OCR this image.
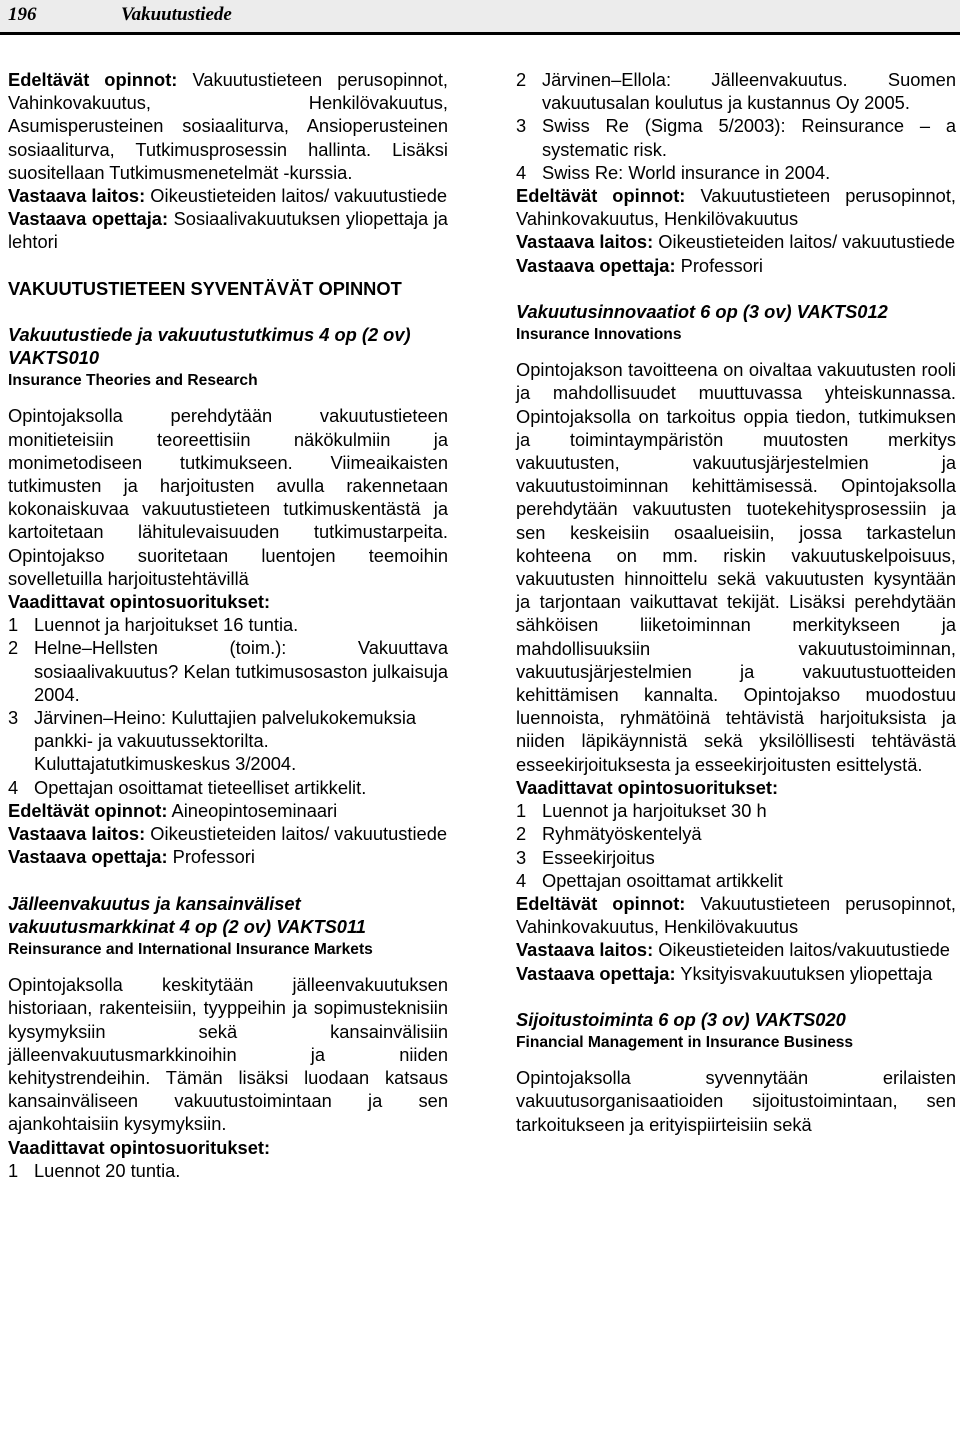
196	Vakuutustiede

Edeltävät opinnot: Vakuutustieteen perusopinnot, Vahinkovakuutus, Henkilövakuutus, Asumisperusteinen sosiaaliturva, Ansioperusteinen sosiaaliturva, Tutkimusprosessin hallinta. Lisäksi suositellaan Tutkimusmenetelmät -kurssia.

Vastaava laitos: Oikeustieteiden laitos/ vakuutustiede

Vastaava opettaja: Sosiaalivakuutuksen yliopettaja ja lehtori

VAKUUTUSTIETEEN SYVENTÄVÄT OPINNOT

Vakuutustiede ja vakuutustutkimus 4 op (2 ov) VAKTS010

Insurance Theories and Research

Opintojaksolla perehdytään vakuutustieteen monitieteisiin teoreettisiin näkökulmiin ja monimetodiseen tutkimukseen. Viimeaikaisten tutkimusten ja harjoitusten avulla rakennetaan kokonaiskuvaa vakuutustieteen tutkimuskentästä ja kartoitetaan lähitulevaisuuden tutkimustarpeita. Opintojakso suoritetaan luentojen teemoihin sovelletuilla harjoitustehtävillä

Vaadittavat opintosuoritukset:

1 Luennot ja harjoitukset 16 tuntia.
2 Helne–Hellsten (toim.): Vakuuttava sosiaalivakuutus? Kelan tutkimusosaston julkaisuja 2004.
3 Järvinen–Heino: Kuluttajien palvelukokemuksia pankki- ja vakuutussektorilta. Kuluttajatutkimuskeskus 3/2004.
4 Opettajan osoittamat tieteelliset artikkelit.

Edeltävät opinnot: Aineopintoseminaari

Vastaava laitos: Oikeustieteiden laitos/ vakuutustiede

Vastaava opettaja: Professori

Jälleenvakuutus ja kansainväliset vakuutusmarkkinat 4 op (2 ov) VAKTS011

Reinsurance and International Insurance Markets

Opintojaksolla keskitytään jälleenvakuutuksen historiaan, rakenteisiin, tyyppeihin ja sopimusteknisiin kysymyksiin sekä kansainvälisiin jälleenvakuutusmarkkinoihin ja niiden kehitystrendeihin. Tämän lisäksi luodaan katsaus kansainväliseen vakuutustoimintaan ja sen ajankohtaisiin kysymyksiin.

Vaadittavat opintosuoritukset:

1 Luennot 20 tuntia.
2 Järvinen–Ellola: Jälleenvakuutus. Suomen vakuutusalan koulutus ja kustannus Oy 2005.
3 Swiss Re (Sigma 5/2003): Reinsurance – a systematic risk.
4 Swiss Re: World insurance in 2004.

Edeltävät opinnot: Vakuutustieteen perusopinnot, Vahinkovakuutus, Henkilövakuutus

Vastaava laitos: Oikeustieteiden laitos/ vakuutustiede

Vastaava opettaja: Professori

Vakuutusinnovaatiot 6 op (3 ov) VAKTS012

Insurance Innovations

Opintojakson tavoitteena on oivaltaa vakuutusten rooli ja mahdollisuudet muuttuvassa yhteiskunnassa. Opintojaksolla on tarkoitus oppia tiedon, tutkimuksen ja toimintaympäristön muutosten merkitys vakuutusten, vakuutusjärjestelmien ja vakuutustoiminnan kehittämisessä. Opintojaksolla perehdytään vakuutusten tuotekehitysprosessiin ja sen keskeisiin osaalueisiin, jossa tarkastelun kohteena on mm. riskin vakuutuskelpoisuus, vakuutusten hinnoittelu sekä vakuutusten kysyntään ja tarjontaan vaikuttavat tekijät. Lisäksi perehdytään sähköisen liiketoiminnan merkitykseen ja mahdollisuuksiin vakuutustoiminnan, vakuutusjärjestelmien ja vakuutustuotteiden kehittämisen kannalta. Opintojakso muodostuu luennoista, ryhmätöinä tehtävistä harjoituksista ja niiden läpikäynnistä sekä yksilöllisesti tehtävästä esseekirjoituksesta ja esseekirjoitusten esittelystä.

Vaadittavat opintosuoritukset:

1 Luennot ja harjoitukset 30 h
2 Ryhmätyöskentelyä
3 Esseekirjoitus
4 Opettajan osoittamat artikkelit

Edeltävät opinnot: Vakuutustieteen perusopinnot, Vahinkovakuutus, Henkilövakuutus

Vastaava laitos: Oikeustieteiden laitos/vakuutustiede

Vastaava opettaja: Yksityisvakuutuksen yliopettaja

Sijoitustoiminta 6 op (3 ov) VAKTS020

Financial Management in Insurance Business

Opintojaksolla syvennytään erilaisten vakuutusorganisaatioiden sijoitustoimintaan, sen tarkoitukseen ja erityispiirteisiin sekä
